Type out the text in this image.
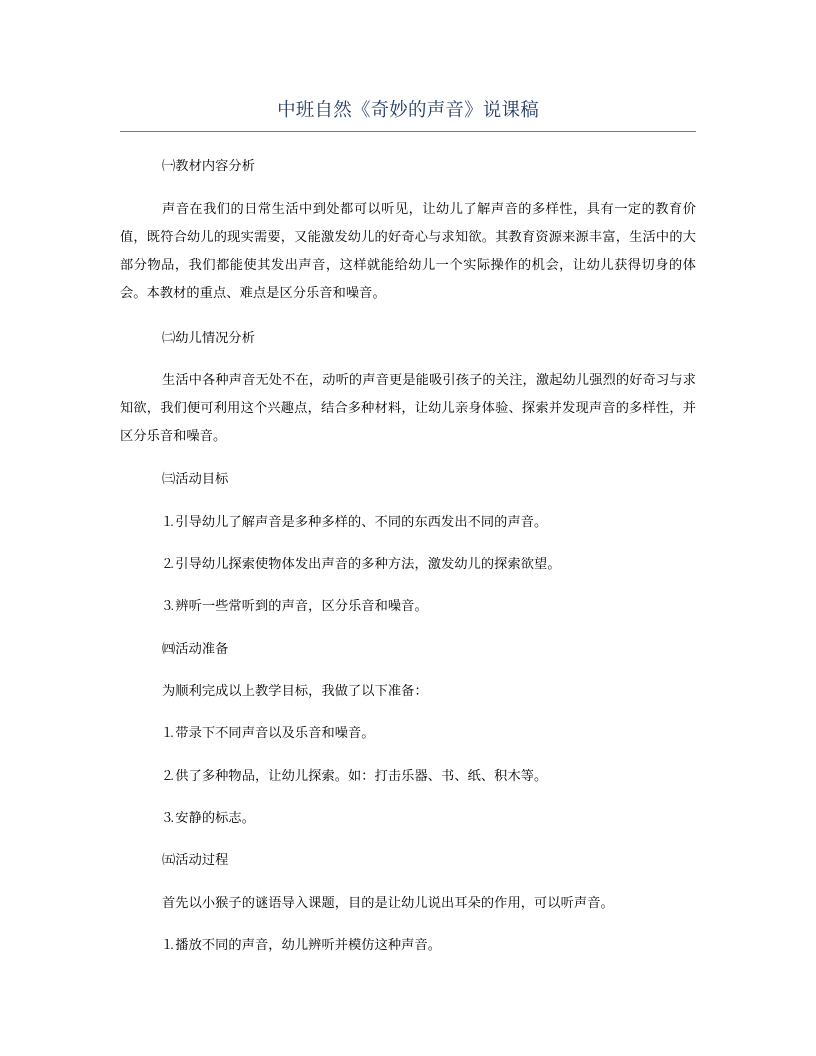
中班自然《奇妙的声音》说课稿
㈠教材内容分析
声音在我们的日常生活中到处都可以听见，让幼儿了解声音的多样性，具有一定的教育价值，既符合幼儿的现实需要，又能激发幼儿的好奇心与求知欲。其教育资源来源丰富，生活中的大部分物品，我们都能使其发出声音，这样就能给幼儿一个实际操作的机会，让幼儿获得切身的体会。本教材的重点、难点是区分乐音和噪音。
㈡幼儿情况分析
生活中各种声音无处不在，动听的声音更是能吸引孩子的关注，激起幼儿强烈的好奇习与求知欲，我们便可利用这个兴趣点，结合多种材料，让幼儿亲身体验、探索并发现声音的多样性，并区分乐音和噪音。
㈢活动目标
⒈引导幼儿了解声音是多种多样的、不同的东西发出不同的声音。
⒉引导幼儿探索使物体发出声音的多种方法，激发幼儿的探索欲望。
⒊辨听一些常听到的声音，区分乐音和噪音。
㈣活动准备
为顺利完成以上教学目标，我做了以下准备：
⒈带录下不同声音以及乐音和噪音。
⒉供了多种物品，让幼儿探索。如：打击乐器、书、纸、积木等。
⒊安静的标志。
㈤活动过程
首先以小猴子的谜语导入课题，目的是让幼儿说出耳朵的作用，可以听声音。
⒈播放不同的声音，幼儿辨听并模仿这种声音。
